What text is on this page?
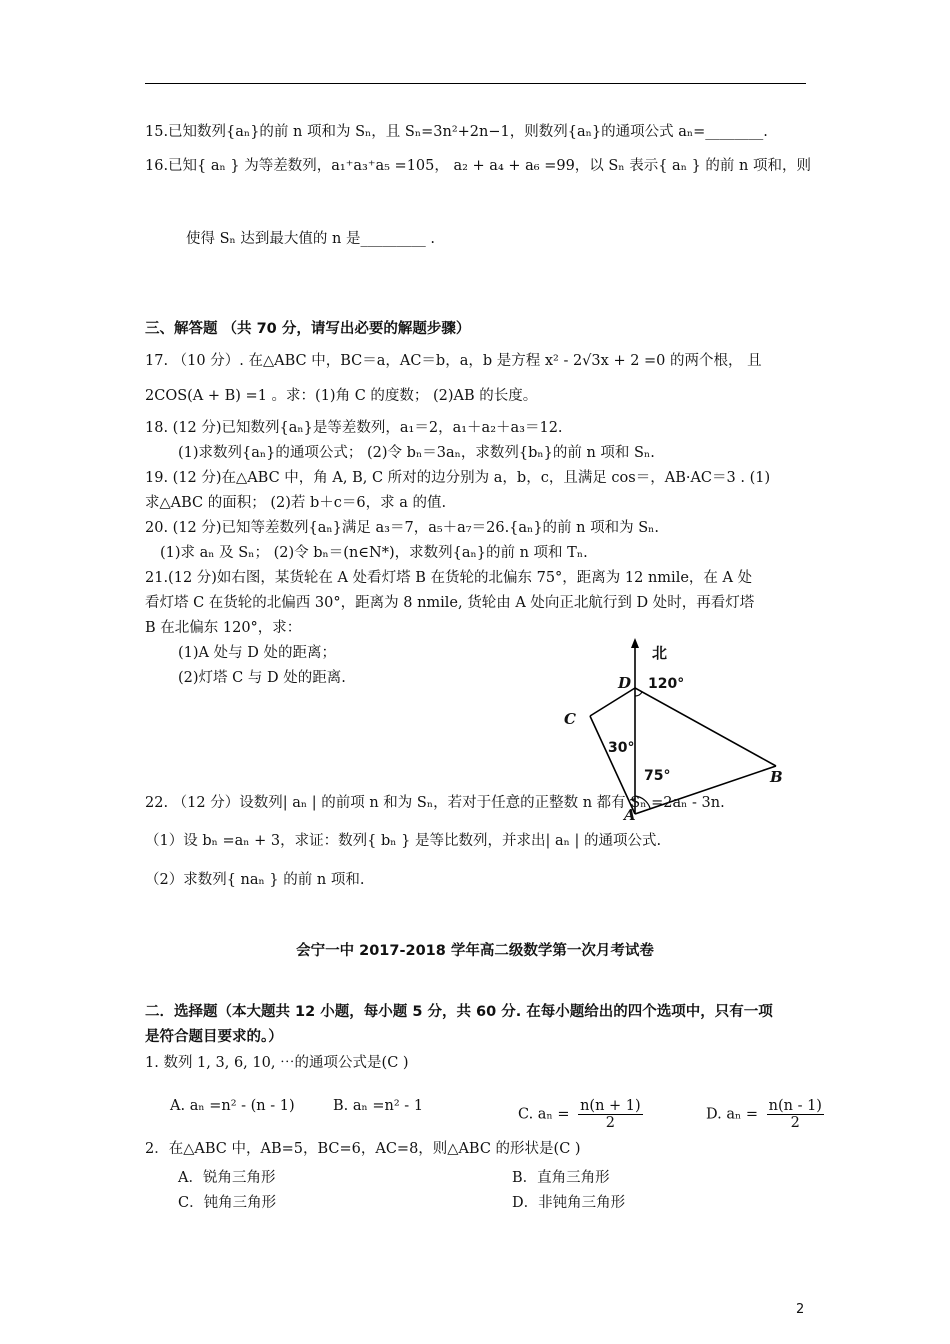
15.已知数列{aₙ}的前 n 项和为 Sₙ，且 Sₙ=3n²+2n−1，则数列{aₙ}的通项公式 aₙ=________.
16.已知{ aₙ } 为等差数列，a₁⁺a₃⁺a₅ =105， a₂ + a₄ + a₆ =99，以 Sₙ 表示{ aₙ } 的前 n 项和，则
使得 Sₙ 达到最大值的 n 是_________ .
三、解答题 （共 70 分，请写出必要的解题步骤）
17. （10 分）. 在△ABC 中，BC＝a，AC＝b，a，b 是方程 x² - 2√3x + 2 =0 的两个根， 且
2COS(A + B) =1 。求：(1)角 C 的度数； (2)AB 的长度。
18. (12 分)已知数列{aₙ}是等差数列，a₁＝2，a₁＋a₂＋a₃＝12.
(1)求数列{aₙ}的通项公式； (2)令 bₙ＝3aₙ，求数列{bₙ}的前 n 项和 Sₙ.
19. (12 分)在△ABC 中，角 A, B, C 所对的边分别为 a，b，c，且满足 cos＝，AB·AC＝3 . (1)
求△ABC 的面积； (2)若 b＋c＝6，求 a 的值.
20. (12 分)已知等差数列{aₙ}满足 a₃＝7，a₅＋a₇＝26.{aₙ}的前 n 项和为 Sₙ.
(1)求 aₙ 及 Sₙ； (2)令 bₙ＝(n∈N*)，求数列{aₙ}的前 n 项和 Tₙ.
21.(12 分)如右图，某货轮在 A 处看灯塔 B 在货轮的北偏东 75°，距离为 12 nmile，在 A 处
看灯塔 C 在货轮的北偏西 30°，距离为 8 nmile, 货轮由 A 处向正北航行到 D 处时，再看灯塔
B 在北偏东 120°，求：
(1)A 处与 D 处的距离；
(2)灯塔 C 与 D 处的距离.
北
D 120°
C
30°
75°	B
A
22. （12 分）设数列| aₙ | 的前项 n 和为 Sₙ，若对于任意的正整数 n 都有 Sₙ =2aₙ - 3n.
（1）设 bₙ =aₙ + 3，求证：数列{ bₙ } 是等比数列，并求出| aₙ | 的通项公式.
（2）求数列{ naₙ } 的前 n 项和.
会宁一中 2017-2018 学年高二级数学第一次月考试卷
二．选择题（本大题共 12 小题，每小题 5 分，共 60 分. 在每小题给出的四个选项中，只有一项
是符合题目要求的。）
1. 数列 1, 3, 6, 10, ⋯的通项公式是(C )
A. aₙ =n² - (n - 1)	B. aₙ =n² - 1
C. $a_n = \frac{n(n + 1)}{2}$	D. $a_n = \frac{n(n - 1)}{2}$
2．在△ABC 中，AB=5，BC=6，AC=8，则△ABC 的形状是(C )
A．锐角三角形	B．直角三角形
C．钝角三角形	D．非钝角三角形
2
